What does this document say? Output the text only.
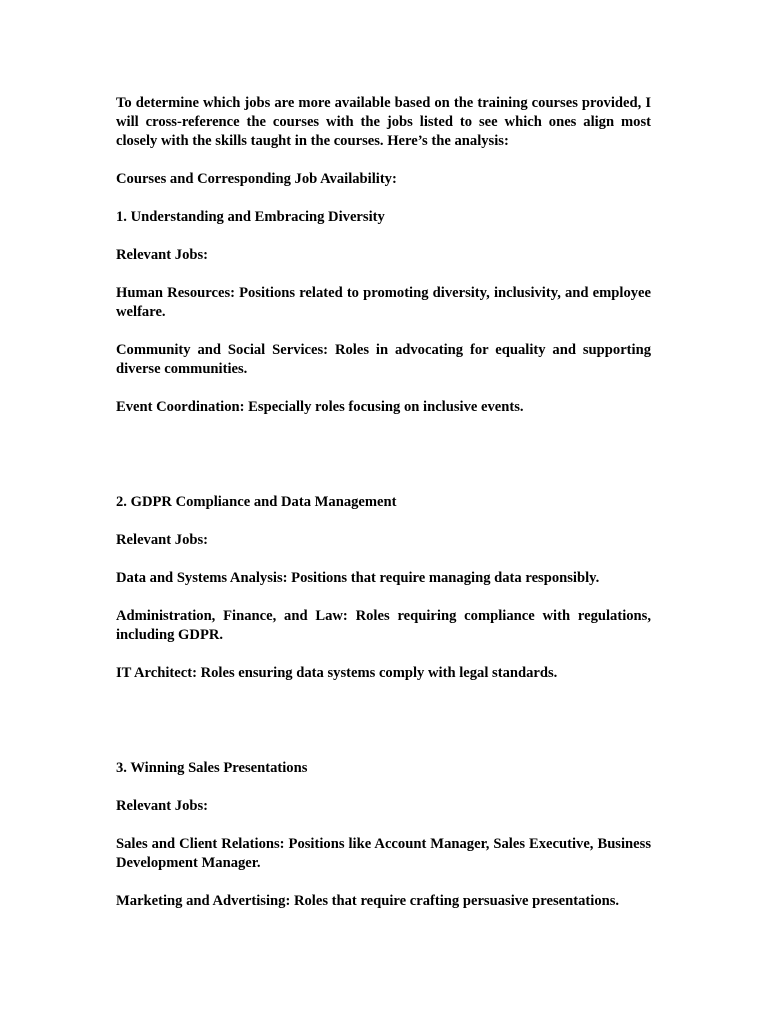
To determine which jobs are more available based on the training courses provided, I will cross-reference the courses with the jobs listed to see which ones align most closely with the skills taught in the courses. Here’s the analysis:

Courses and Corresponding Job Availability:

1. Understanding and Embracing Diversity

Relevant Jobs:

Human Resources: Positions related to promoting diversity, inclusivity, and employee welfare.

Community and Social Services: Roles in advocating for equality and supporting diverse communities.

Event Coordination: Especially roles focusing on inclusive events.

2. GDPR Compliance and Data Management

Relevant Jobs:

Data and Systems Analysis: Positions that require managing data responsibly.

Administration, Finance, and Law: Roles requiring compliance with regulations, including GDPR.

IT Architect: Roles ensuring data systems comply with legal standards.

3. Winning Sales Presentations

Relevant Jobs:

Sales and Client Relations: Positions like Account Manager, Sales Executive, Business Development Manager.

Marketing and Advertising: Roles that require crafting persuasive presentations.
